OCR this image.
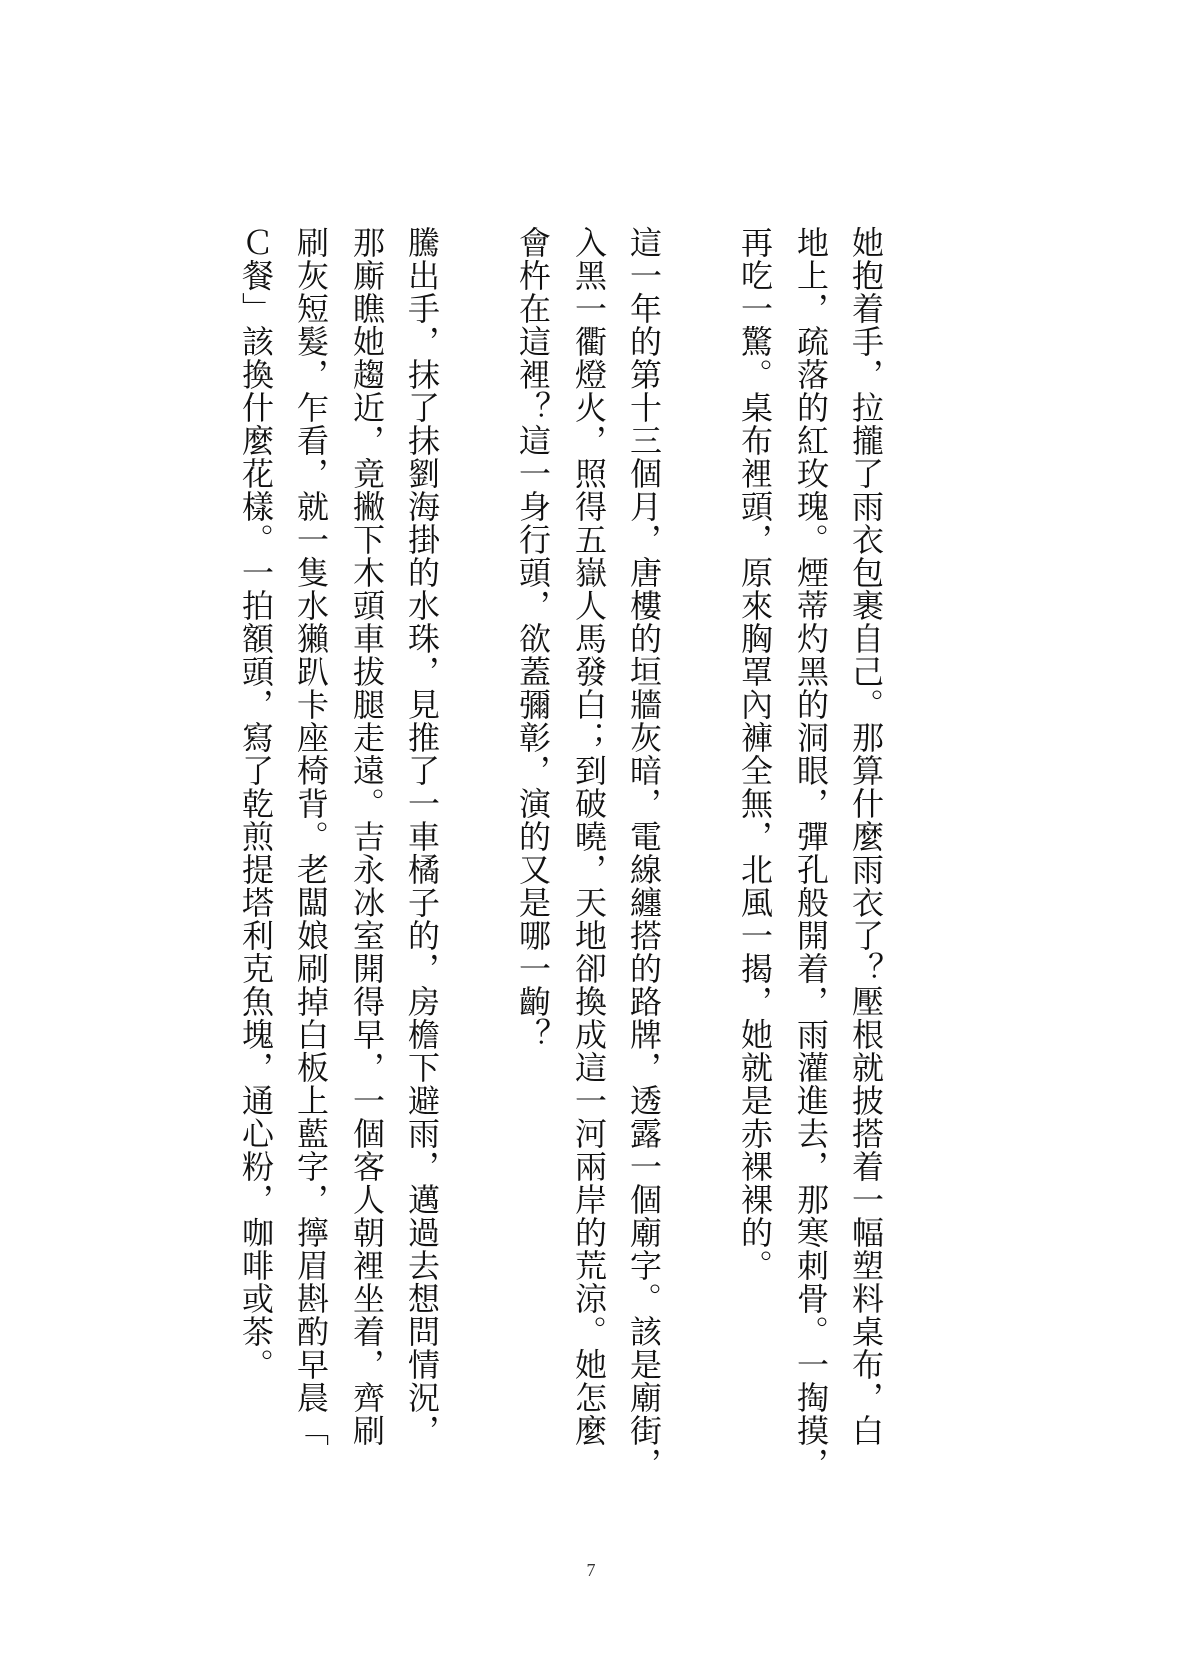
她抱着手，拉攏了雨衣包裹自己。那算什麼雨衣了？壓根就披搭着一幅塑料桌布，白
地上，疏落的紅玫瑰。煙蒂灼黑的洞眼，彈孔般開着，雨灌進去，那寒刺骨。一掏摸，
再吃一驚。桌布裡頭，原來胸罩內褲全無，北風一揭，她就是赤裸裸的。
這一年的第十三個月，唐樓的垣牆灰暗，電線纏搭的路牌，透露一個廟字。該是廟街，
入黑一衢燈火，照得五嶽人馬發白；到破曉，天地卻換成這一河兩岸的荒涼。她怎麼
會杵在這裡？這一身行頭，欲蓋彌彰，演的又是哪一齣？
騰出手，抹了抹劉海掛的水珠，見推了一車橘子的，房檐下避雨，邁過去想問情況，
那廝瞧她趨近，竟撇下木頭車拔腿走遠。吉永冰室開得早，一個客人朝裡坐着，齊刷
刷灰短髮，乍看，就一隻水獺趴卡座椅背。老闆娘刷掉白板上藍字，擰眉斟酌早晨「
Ｃ餐」該換什麼花樣。一拍額頭，寫了乾煎提塔利克魚塊，通心粉，咖啡或茶。
7
